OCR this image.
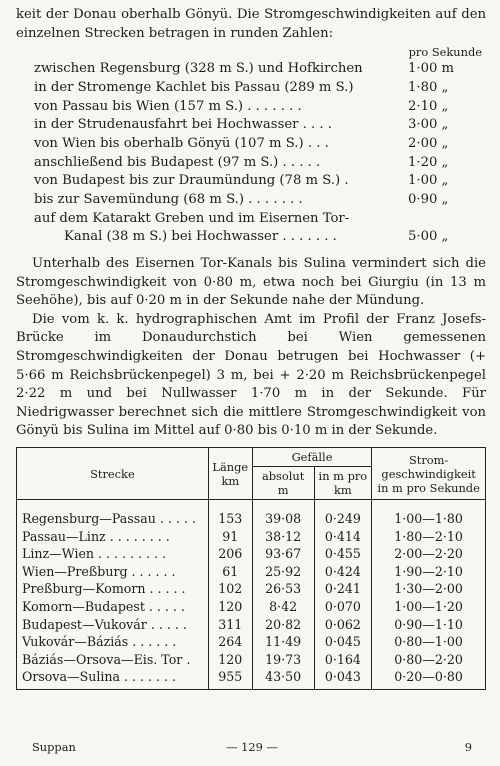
keit der Donau oberhalb Gönyü. Die Stromgeschwindigkeiten auf den einzelnen Strecken betragen in runden Zahlen:

pro Sekunde
zwischen Regensburg (328 m S.) und Hofkirchen	1·00 m
in der Stromenge Kachlet bis Passau (289 m S.)	1·80 „
von Passau bis Wien (157 m S.) . . . . . . .	2·10 „
in der Strudenausfahrt bei Hochwasser . . . .	3·00 „
von Wien bis oberhalb Gönyü (107 m S.) . . .	2·00 „
anschließend bis Budapest (97 m S.) . . . . .	1·20 „
von Budapest bis zur Draumündung (78 m S.) .	1·00 „
bis zur Savemündung (68 m S.) . . . . . . .	0·90 „
auf dem Katarakt Greben und im Eisernen Tor-
Kanal (38 m S.) bei Hochwasser . . . . . . .	5·00 „

Unterhalb des Eisernen Tor-Kanals bis Sulina vermindert sich die Stromgeschwindigkeit von 0·80 m, etwa noch bei Giurgiu (in 13 m Seehöhe), bis auf 0·20 m in der Sekunde nahe der Mündung.

Die vom k. k. hydrographischen Amt im Profil der Franz Josefs-Brücke im Donaudurchstich bei Wien gemessenen Stromgeschwindigkeiten der Donau betrugen bei Hochwasser (+ 5·66 m Reichsbrückenpegel) 3 m, bei + 2·20 m Reichsbrückenpegel 2·22 m und bei Nullwasser 1·70 m in der Sekunde. Für Niedrigwasser berechnet sich die mittlere Stromgeschwindigkeit von Gönyü bis Sulina im Mittel auf 0·80 bis 0·10 m in der Sekunde.

Strecke	Länge km	Gefälle		Strom-geschwindigkeit in m pro Sekunde
		absolut m	in m pro km	

Regensburg—Passau . . . . .	153	39·08	0·249	1·00—1·80
Passau—Linz . . . . . . . .	91	38·12	0·414	1·80—2·10
Linz—Wien . . . . . . . . .	206	93·67	0·455	2·00—2·20
Wien—Preßburg . . . . . .	61	25·92	0·424	1·90—2·10
Preßburg—Komorn . . . . .	102	26·53	0·241	1·30—2·00
Komorn—Budapest . . . . .	120	8·42	0·070	1·00—1·20
Budapest—Vukovár . . . . .	311	20·82	0·062	0·90—1·10
Vukovár—Báziás . . . . . .	264	11·49	0·045	0·80—1·00
Báziás—Orsova—Eis. Tor .	120	19·73	0·164	0·80—2·20
Orsova—Sulina . . . . . . .	955	43·50	0·043	0·20—0·80
Suppan	— 129 —	9
